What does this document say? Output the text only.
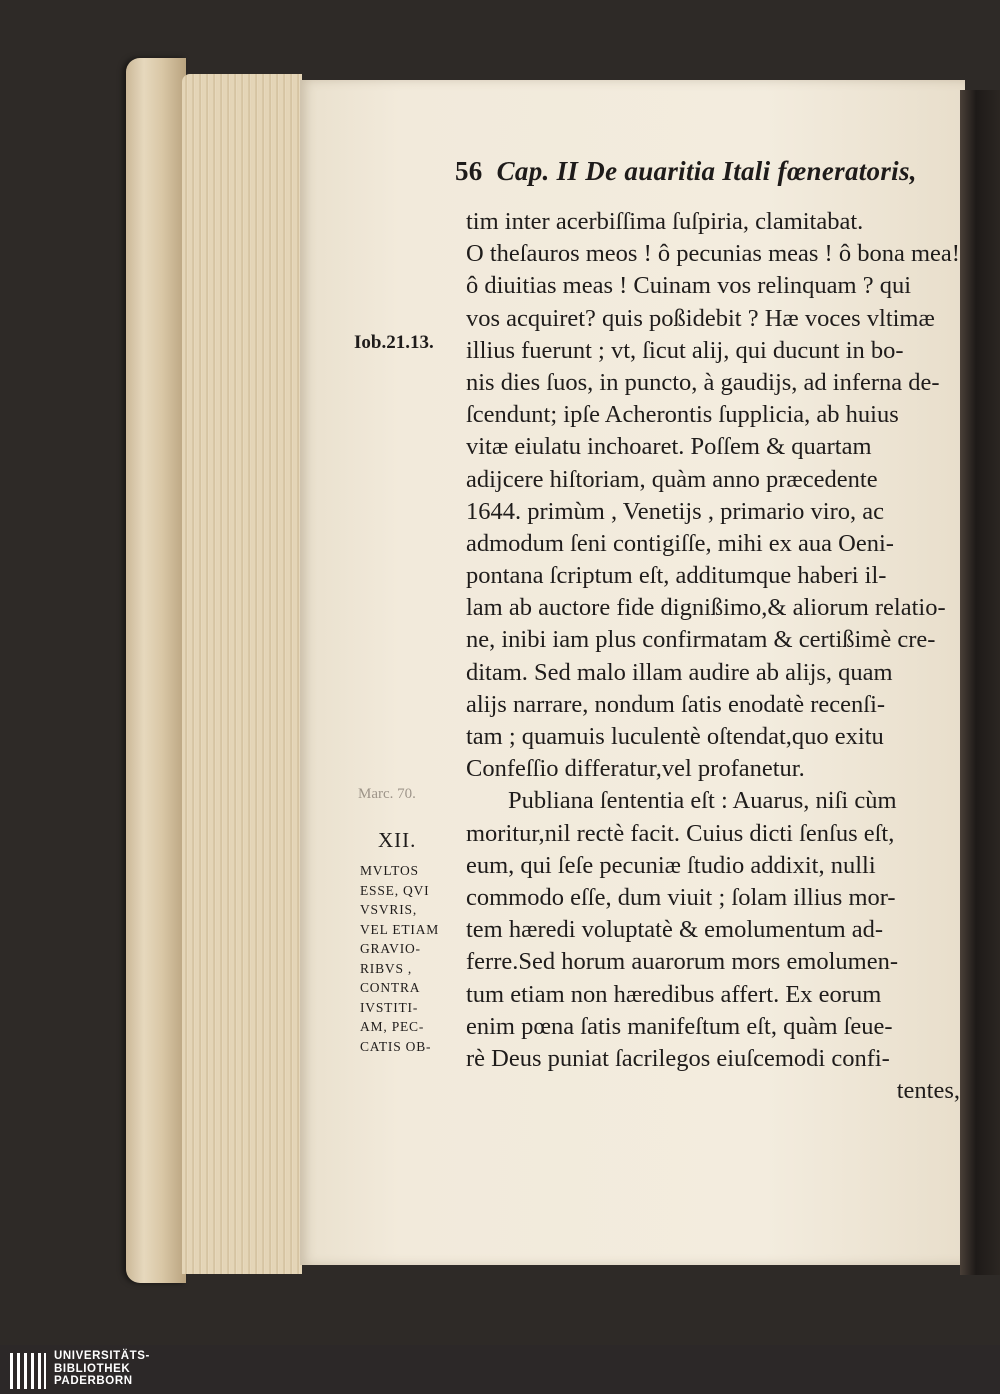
56 Cap. II De auaritia Itali fœneratoris,
Iob.21.13.
Marc. 70.
XII.
MVLTOS
ESSE, QVI
VSVRIS,
VEL ETIAM
GRAVIO-
RIBVS ,
CONTRA
IVSTITI-
AM, PEC-
CATIS OB-
tim inter acerbiſſima ſuſpiria, clamitabat.
O theſauros meos ! ô pecunias meas ! ô bona mea!
ô diuitias meas ! Cuinam vos relinquam ? qui
vos acquiret? quis poßidebit ? Hæ voces vltimæ
illius fuerunt ; vt, ſicut alij, qui ducunt in bo-
nis dies ſuos, in puncto, à gaudijs, ad inferna de-
ſcendunt; ipſe Acherontis ſupplicia, ab huius
vitæ eiulatu inchoaret. Poſſem & quartam
adijcere hiſtoriam, quàm anno præcedente
1644. primùm , Venetijs , primario viro, ac
admodum ſeni contigiſſe, mihi ex aua Oeni-
pontana ſcriptum eſt, additumque haberi il-
lam ab auctore fide dignißimo,& aliorum relatio-
ne, inibi iam plus confirmatam & certißimè cre-
ditam. Sed malo illam audire ab alijs, quam
alijs narrare, nondum ſatis enodatè recenſi-
tam ; quamuis luculentè oſtendat,quo exitu
Confeſſio differatur,vel profanetur.
Publiana ſententia eſt : Auarus, niſi cùm
moritur,nil rectè facit. Cuius dicti ſenſus eſt,
eum, qui ſeſe pecuniæ ſtudio addixit, nulli
commodo eſſe, dum viuit ; ſolam illius mor-
tem hæredi voluptatè & emolumentum ad-
ferre.Sed horum auarorum mors emolumen-
tum etiam non hæredibus affert. Ex eorum
enim pœna ſatis manifeſtum eſt, quàm ſeue-
rè Deus puniat ſacrilegos eiuſcemodi confi-
tentes,
UNIVERSITÄTS-
BIBLIOTHEK
PADERBORN
